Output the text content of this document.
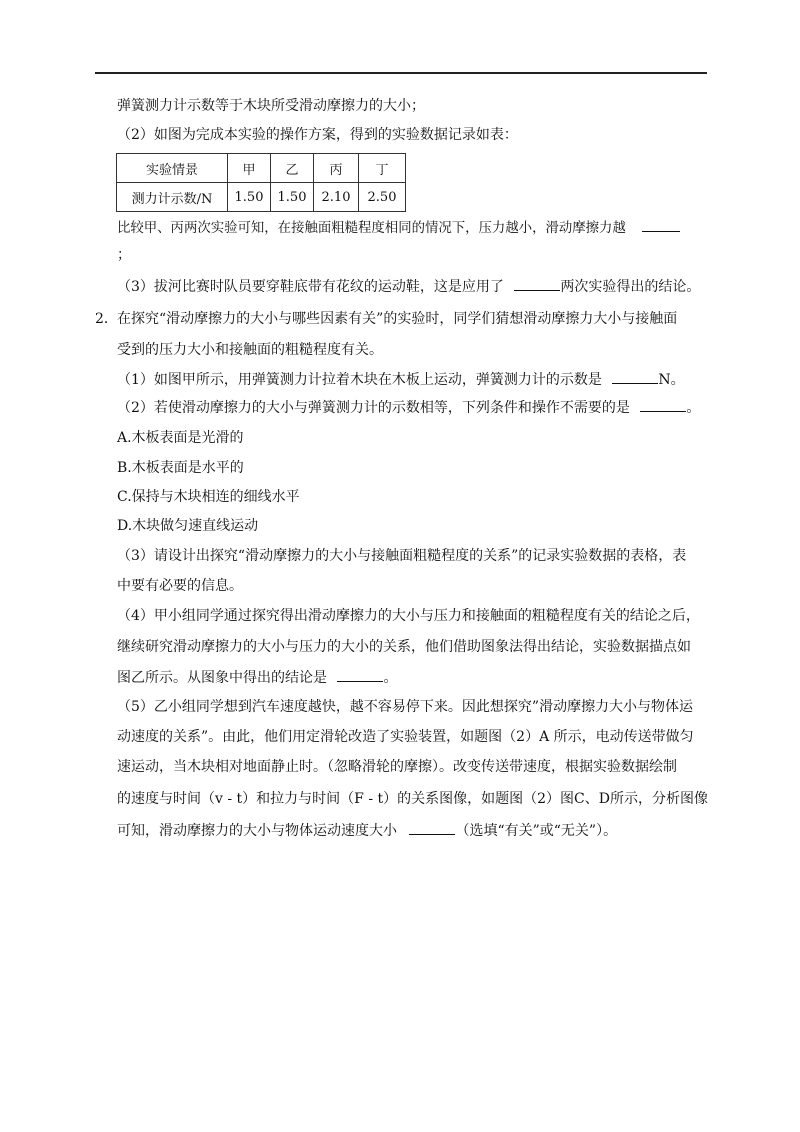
弹簧测力计示数等于木块所受滑动摩擦力的大小；
（2）如图为完成本实验的操作方案，得到的实验数据记录如表：
实验情景	甲	乙	丙	丁
测力计示数/N	1.50	1.50	2.10	2.50
比较甲、丙两次实验可知，在接触面粗糙程度相同的情况下，压力越小，滑动摩擦力越
；
（3）拔河比赛时队员要穿鞋底带有花纹的运动鞋，这是应用了	两次实验得出的结论。
2． 在探究“滑动摩擦力的大小与哪些因素有关”的实验时，同学们猜想滑动摩擦力大小与接触面
受到的压力大小和接触面的粗糙程度有关。
（1）如图甲所示，用弹簧测力计拉着木块在木板上运动，弹簧测力计的示数是	N。
（2）若使滑动摩擦力的大小与弹簧测力计的示数相等，下列条件和操作不需要的是	。
A.木板表面是光滑的
B.木板表面是水平的
C.保持与木块相连的细线水平
D.木块做匀速直线运动
（3）请设计出探究“滑动摩擦力的大小与接触面粗糙程度的关系”的记录实验数据的表格，表
中要有必要的信息。
（4）甲小组同学通过探究得出滑动摩擦力的大小与压力和接触面的粗糙程度有关的结论之后，
继续研究滑动摩擦力的大小与压力的大小的关系，他们借助图象法得出结论，实验数据描点如
图乙所示。从图象中得出的结论是	。
（5）乙小组同学想到汽车速度越快，越不容易停下来。因此想探究”滑动摩擦力大小与物体运
动速度的关系”。由此，他们用定滑轮改造了实验装置，如题图（2）A 所示，电动传送带做匀
速运动，当木块相对地面静止时。（忽略滑轮的摩擦）。改变传送带速度，根据实验数据绘制
的速度与时间（v - t）和拉力与时间（F - t）的关系图像，如题图（2）图C、D所示，分析图像
可知，滑动摩擦力的大小与物体运动速度大小	（选填“有关”或“无关”）。
